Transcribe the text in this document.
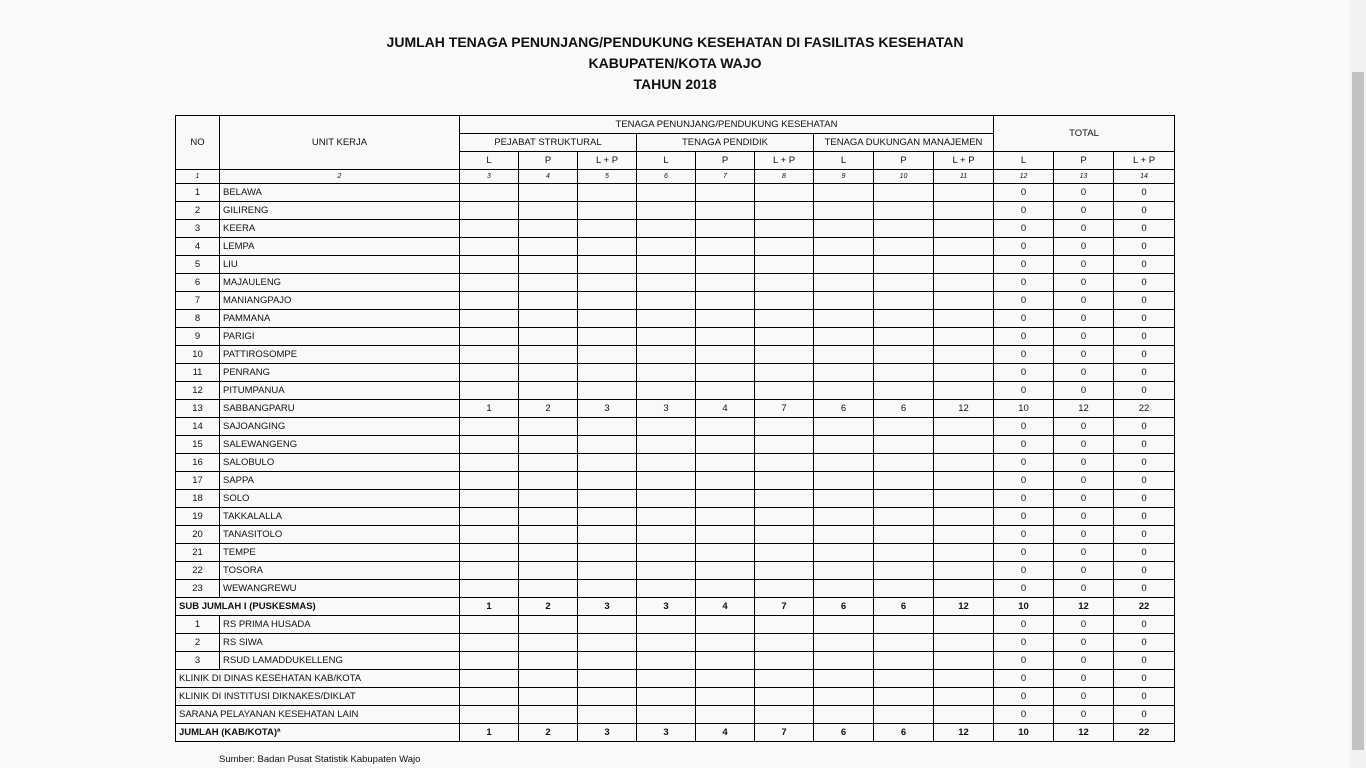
JUMLAH TENAGA PENUNJANG/PENDUKUNG KESEHATAN DI FASILITAS KESEHATAN
KABUPATEN/KOTA WAJO
TAHUN 2018
NO	UNIT KERJA	TENAGA PENUNJANG/PENDUKUNG KESEHATAN									TOTAL		
		PEJABAT STRUKTURAL			TENAGA PENDIDIK			TENAGA DUKUNGAN MANAJEMEN					
		L	P	L + P	L	P	L + P	L	P	L + P	L	P	L + P
1	2	3	4	5	6	7	8	9	10	11	12	13	14
1	BELAWA										0	0	0
2	GILIRENG										0	0	0
3	KEERA										0	0	0
4	LEMPA										0	0	0
5	LIU										0	0	0
6	MAJAULENG										0	0	0
7	MANIANGPAJO										0	0	0
8	PAMMANA										0	0	0
9	PARIGI										0	0	0
10	PATTIROSOMPE										0	0	0
11	PENRANG										0	0	0
12	PITUMPANUA										0	0	0
13	SABBANGPARU	1	2	3	3	4	7	6	6	12	10	12	22
14	SAJOANGING										0	0	0
15	SALEWANGENG										0	0	0
16	SALOBULO										0	0	0
17	SAPPA										0	0	0
18	SOLO										0	0	0
19	TAKKALALLA										0	0	0
20	TANASITOLO										0	0	0
21	TEMPE										0	0	0
22	TOSORA										0	0	0
23	WEWANGREWU										0	0	0
SUB JUMLAH I (PUSKESMAS)		1	2	3	3	4	7	6	6	12	10	12	22
1	RS PRIMA HUSADA										0	0	0
2	RS SIWA										0	0	0
3	RSUD LAMADDUKELLENG										0	0	0
KLINIK DI DINAS KESEHATAN KAB/KOTA											0	0	0
KLINIK DI INSTITUSI DIKNAKES/DIKLAT											0	0	0
SARANA PELAYANAN KESEHATAN LAIN											0	0	0
JUMLAH (KAB/KOTA)ª		1	2	3	3	4	7	6	6	12	10	12	22
Sumber: Badan Pusat Statistik Kabupaten Wajo
